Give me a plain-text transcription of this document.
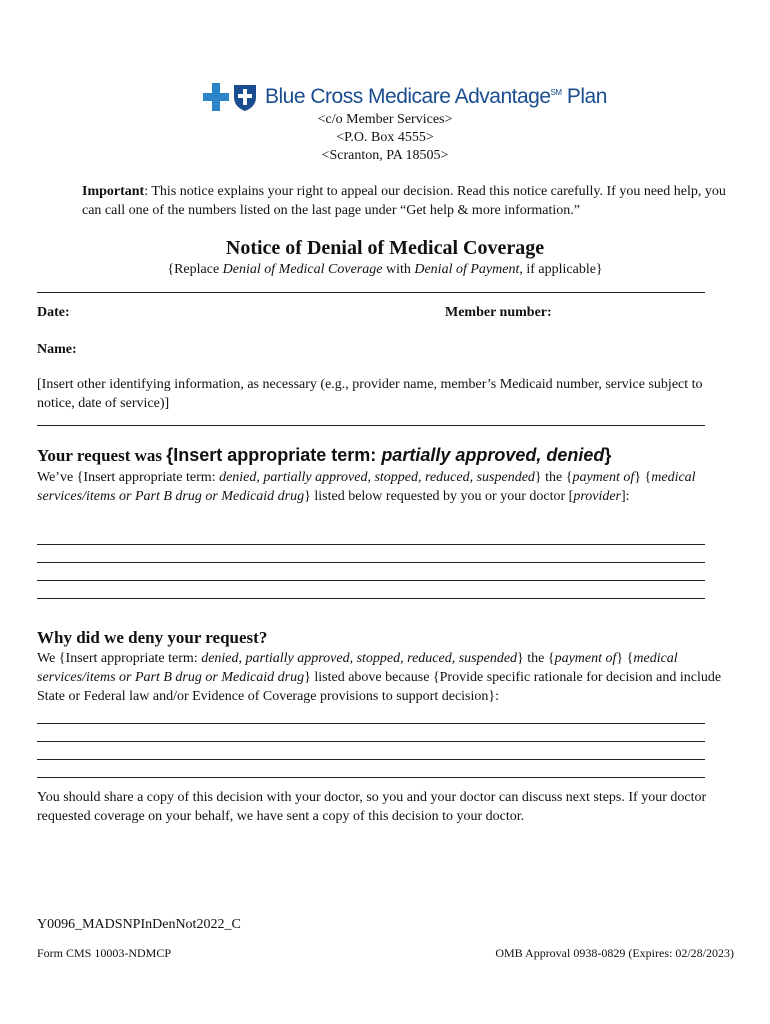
Blue Cross Medicare Advantage℠ Plan
<c/o Member Services>
<P.O. Box 4555>
<Scranton, PA 18505>
Important: This notice explains your right to appeal our decision. Read this notice carefully. If you need help, you can call one of the numbers listed on the last page under “Get help & more information.”
Notice of Denial of Medical Coverage
{Replace Denial of Medical Coverage with Denial of Payment, if applicable}
Date:	Member number:
Name:
[Insert other identifying information, as necessary (e.g., provider name, member’s Medicaid number, service subject to notice, date of service)]
Your request was {Insert appropriate term: partially approved, denied}
We’ve {Insert appropriate term: denied, partially approved, stopped, reduced, suspended} the {payment of} {medical services/items or Part B drug or Medicaid drug} listed below requested by you or your doctor [provider]:
Why did we deny your request?
We {Insert appropriate term: denied, partially approved, stopped, reduced, suspended} the {payment of} {medical services/items or Part B drug or Medicaid drug} listed above because {Provide specific rationale for decision and include State or Federal law and/or Evidence of Coverage provisions to support decision}:
You should share a copy of this decision with your doctor, so you and your doctor can discuss next steps. If your doctor requested coverage on your behalf, we have sent a copy of this decision to your doctor.
Y0096_MADSNPInDenNot2022_C
Form CMS 10003-NDMCP	OMB Approval 0938-0829 (Expires: 02/28/2023)
